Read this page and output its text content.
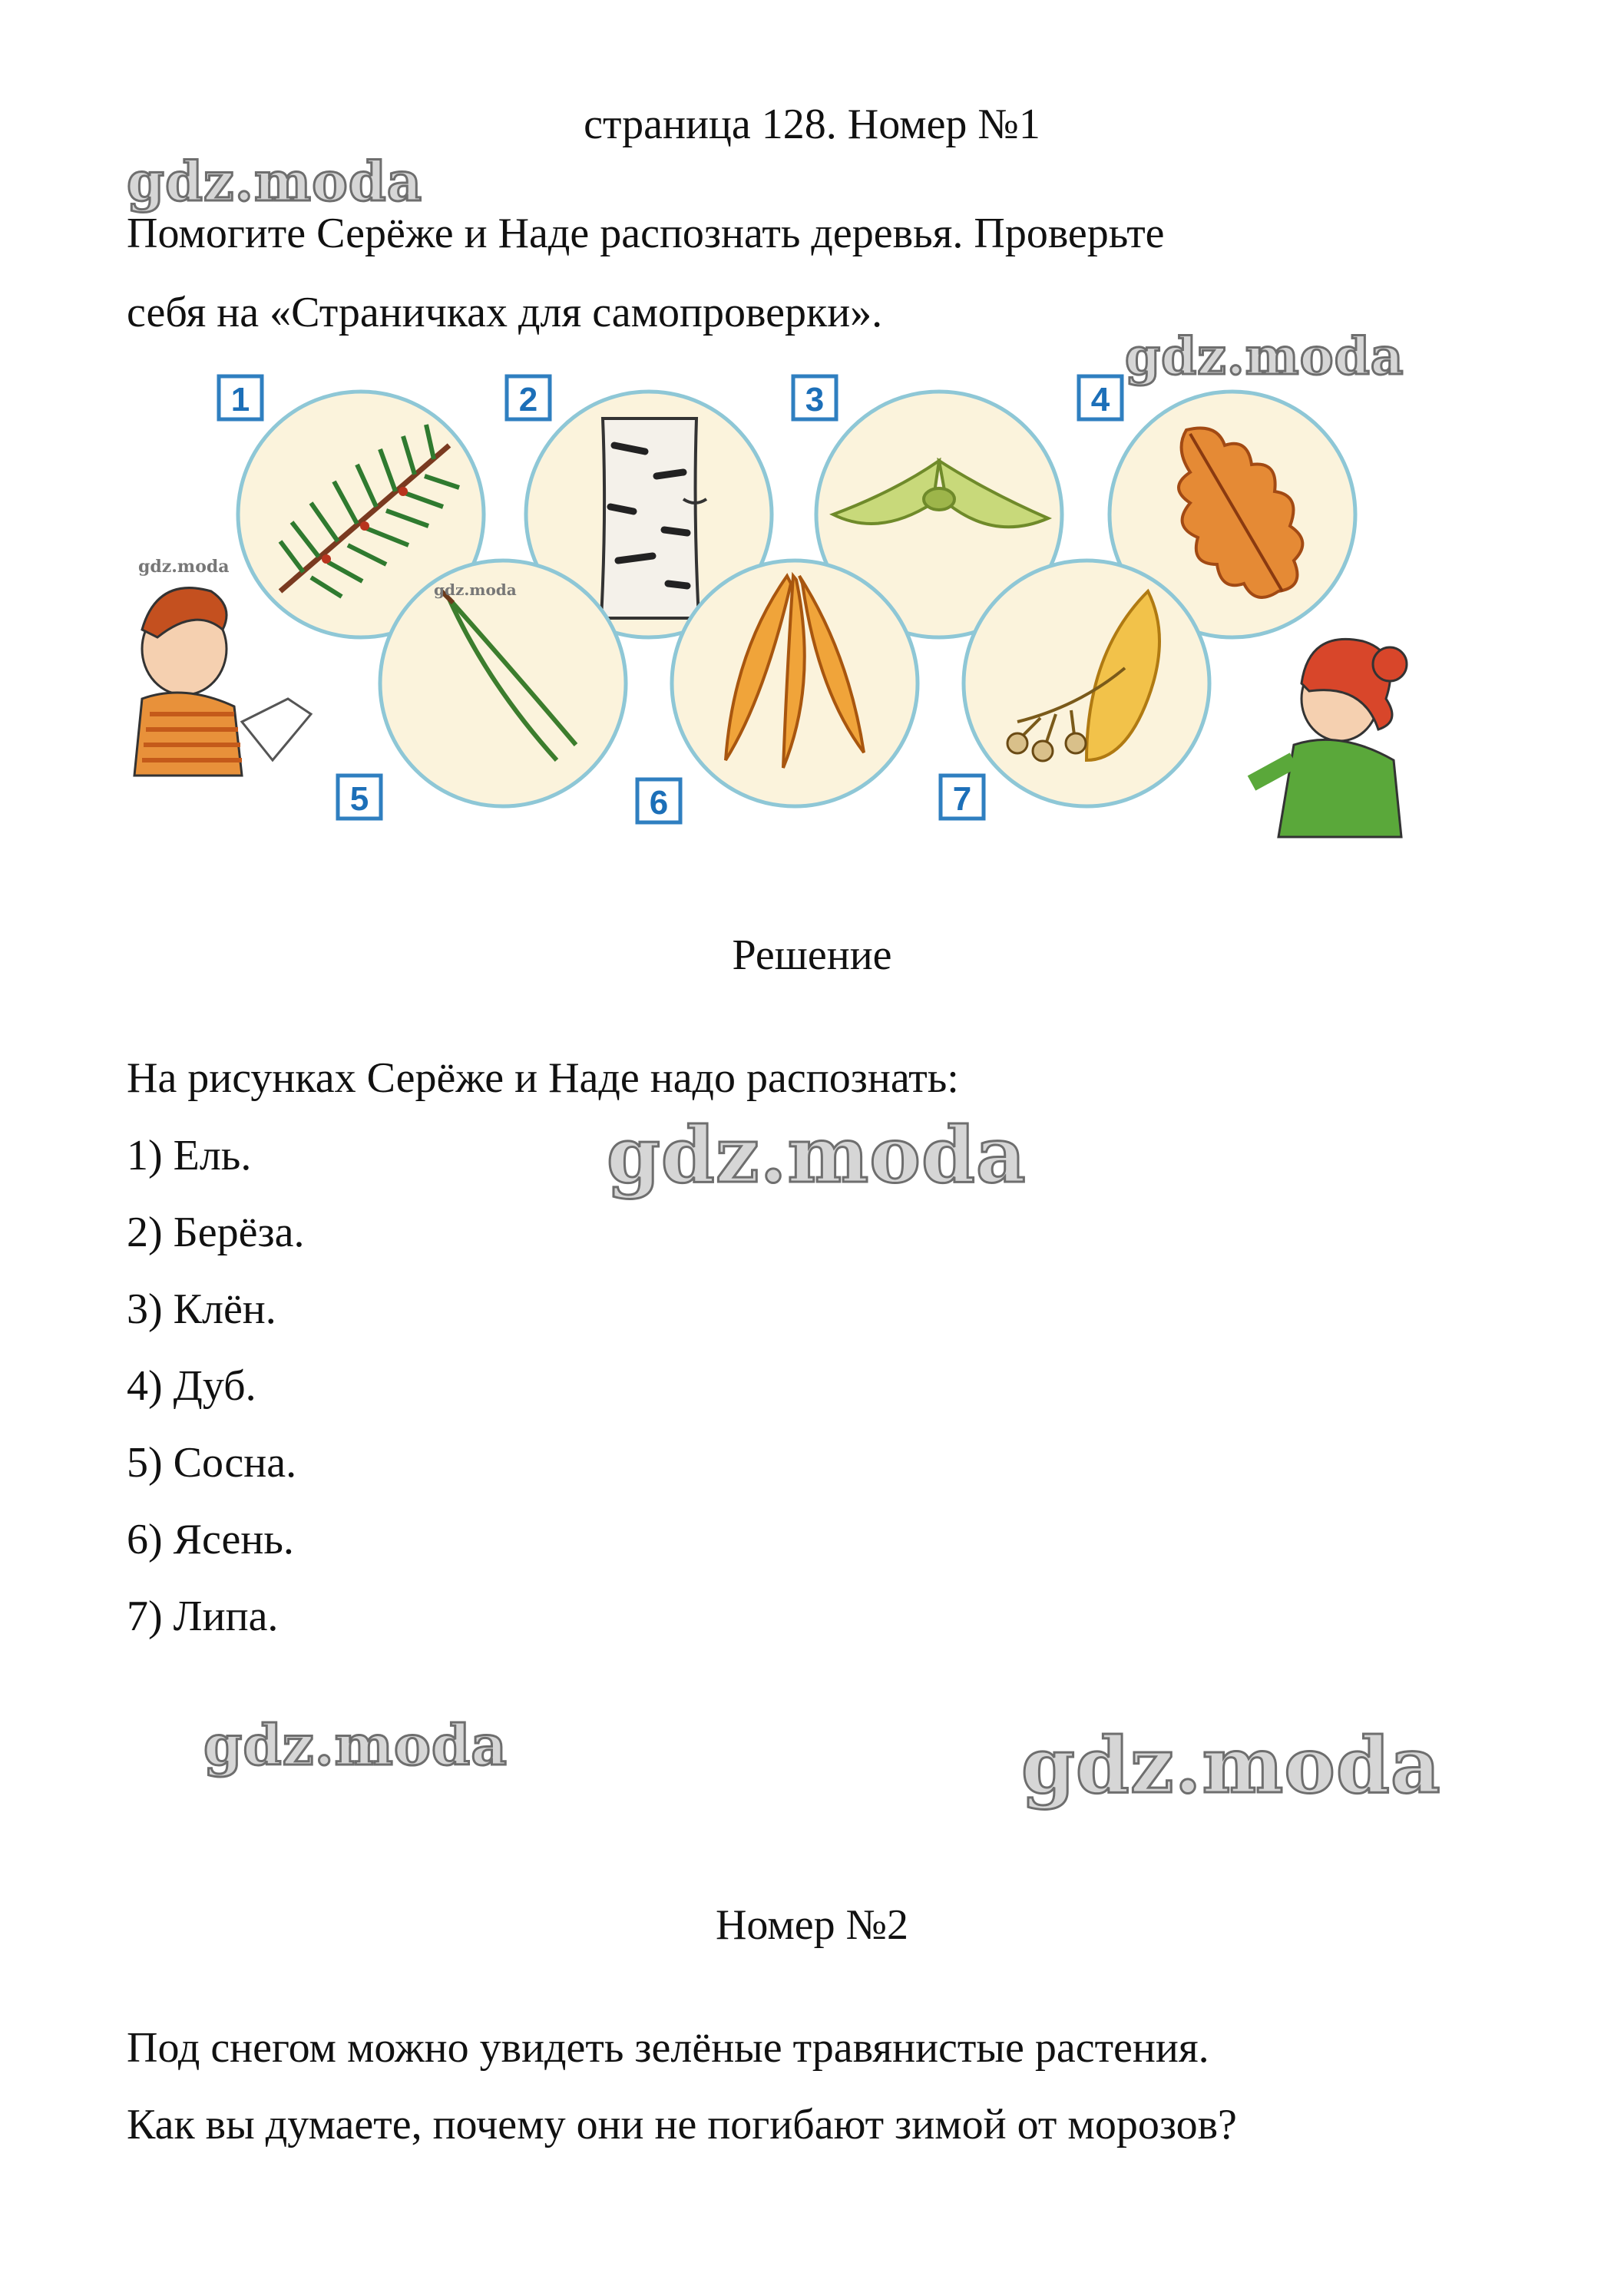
страница 128. Номер №1
gdz.moda
Помогите Серёже и Наде распознать деревья. Проверьте
себя на «Страничках для самопроверки».
gdz.moda
1	2	3	4
5	6	7
gdz.moda
gdz.moda
Решение
На рисунках Серёже и Наде надо распознать:
gdz.moda
1) Ель.
2) Берёза.
3) Клён.
4) Дуб.
5) Сосна.
6) Ясень.
7) Липа.
gdz.moda	gdz.moda
Номер №2
Под снегом можно увидеть зелёные травянистые растения.
Как вы думаете, почему они не погибают зимой от морозов?
